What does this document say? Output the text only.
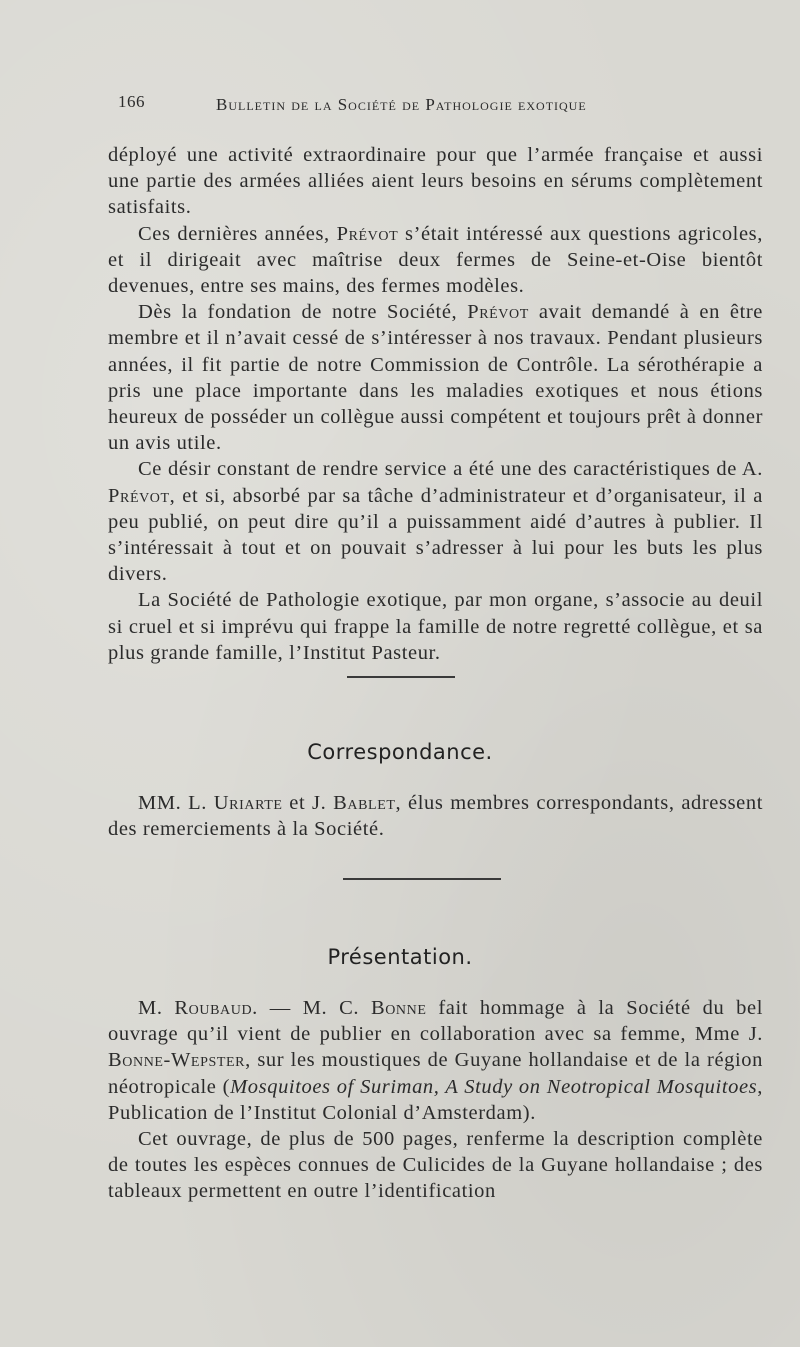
166	Bulletin de la Société de Pathologie exotique

déployé une activité extraordinaire pour que l’armée française et aussi une partie des armées alliées aient leurs besoins en sérums complètement satisfaits.

Ces dernières années, Prévot s’était intéressé aux questions agricoles, et il dirigeait avec maîtrise deux fermes de Seine-et-Oise bientôt devenues, entre ses mains, des fermes modèles.

Dès la fondation de notre Société, Prévot avait demandé à en être membre et il n’avait cessé de s’intéresser à nos travaux. Pendant plusieurs années, il fit partie de notre Commission de Contrôle. La sérothérapie a pris une place importante dans les maladies exotiques et nous étions heureux de posséder un collègue aussi compétent et toujours prêt à donner un avis utile.

Ce désir constant de rendre service a été une des caractéristiques de A. Prévot, et si, absorbé par sa tâche d’administrateur et d’organisateur, il a peu publié, on peut dire qu’il a puissamment aidé d’autres à publier. Il s’intéressait à tout et on pouvait s’adresser à lui pour les buts les plus divers.

La Société de Pathologie exotique, par mon organe, s’associe au deuil si cruel et si imprévu qui frappe la famille de notre regretté collègue, et sa plus grande famille, l’Institut Pasteur.

Correspondance.

MM. L. Uriarte et J. Bablet, élus membres correspondants, adressent des remerciements à la Société.

Présentation.

M. Roubaud. — M. C. Bonne fait hommage à la Société du bel ouvrage qu’il vient de publier en collaboration avec sa femme, Mme J. Bonne-Wepster, sur les moustiques de Guyane hollandaise et de la région néotropicale (Mosquitoes of Suriman, A Study on Neotropical Mosquitoes, Publication de l’Institut Colonial d’Amsterdam).

Cet ouvrage, de plus de 500 pages, renferme la description complète de toutes les espèces connues de Culicides de la Guyane hollandaise ; des tableaux permettent en outre l’identification
